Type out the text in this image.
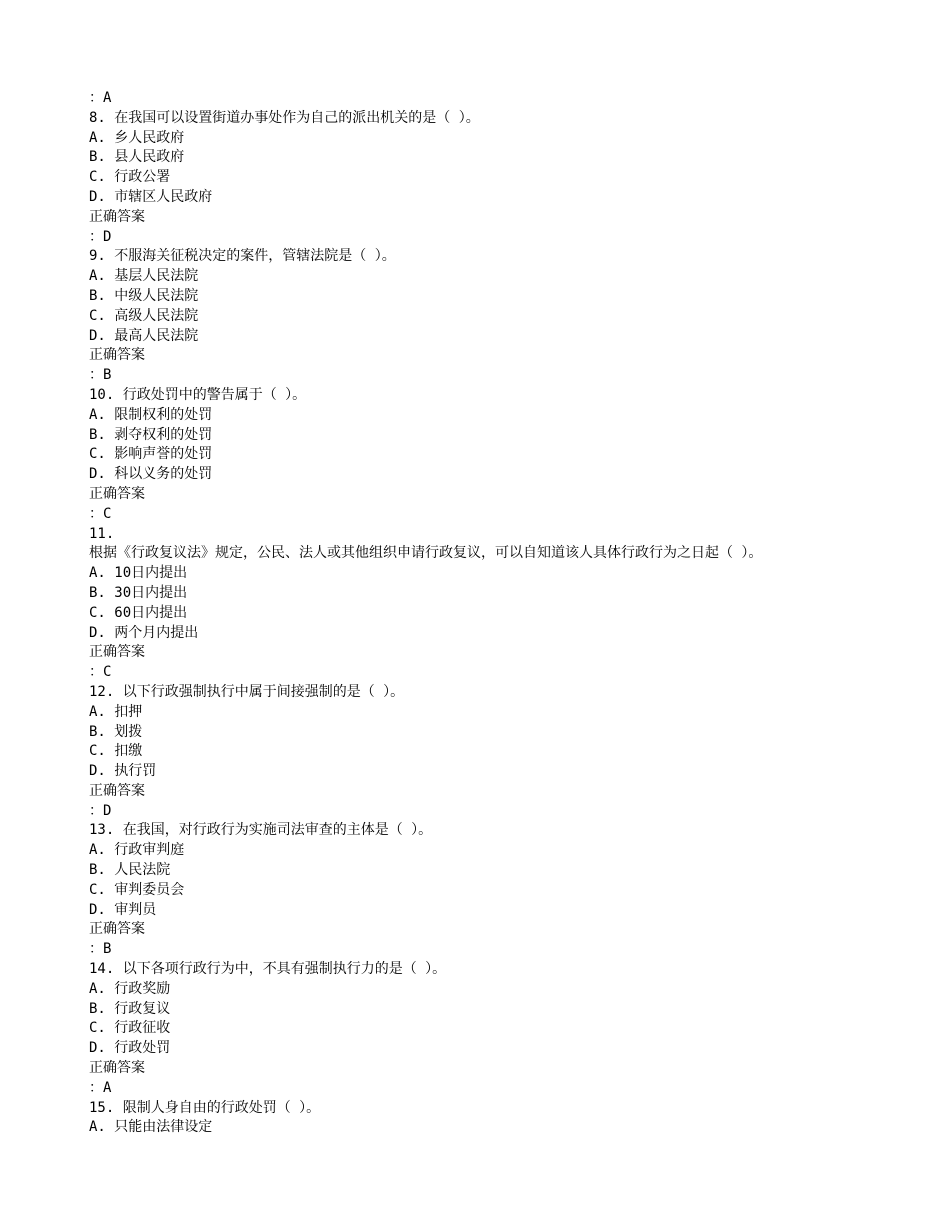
：A
8. 在我国可以设置街道办事处作为自己的派出机关的是（ ）。
A. 乡人民政府
B. 县人民政府
C. 行政公署
D. 市辖区人民政府
正确答案
：D
9. 不服海关征税决定的案件，管辖法院是（ ）。
A. 基层人民法院
B. 中级人民法院
C. 高级人民法院
D. 最高人民法院
正确答案
：B
10. 行政处罚中的警告属于（ ）。
A. 限制权利的处罚
B. 剥夺权利的处罚
C. 影响声誉的处罚
D. 科以义务的处罚
正确答案
：C
11.
根据《行政复议法》规定，公民、法人或其他组织申请行政复议，可以自知道该人具体行政行为之日起（ ）。
A. 10日内提出
B. 30日内提出
C. 60日内提出
D. 两个月内提出
正确答案
：C
12. 以下行政强制执行中属于间接强制的是（ ）。
A. 扣押
B. 划拨
C. 扣缴
D. 执行罚
正确答案
：D
13. 在我国，对行政行为实施司法审查的主体是（ ）。
A. 行政审判庭
B. 人民法院
C. 审判委员会
D. 审判员
正确答案
：B
14. 以下各项行政行为中，不具有强制执行力的是（ ）。
A. 行政奖励
B. 行政复议
C. 行政征收
D. 行政处罚
正确答案
：A
15. 限制人身自由的行政处罚（ ）。
A. 只能由法律设定
